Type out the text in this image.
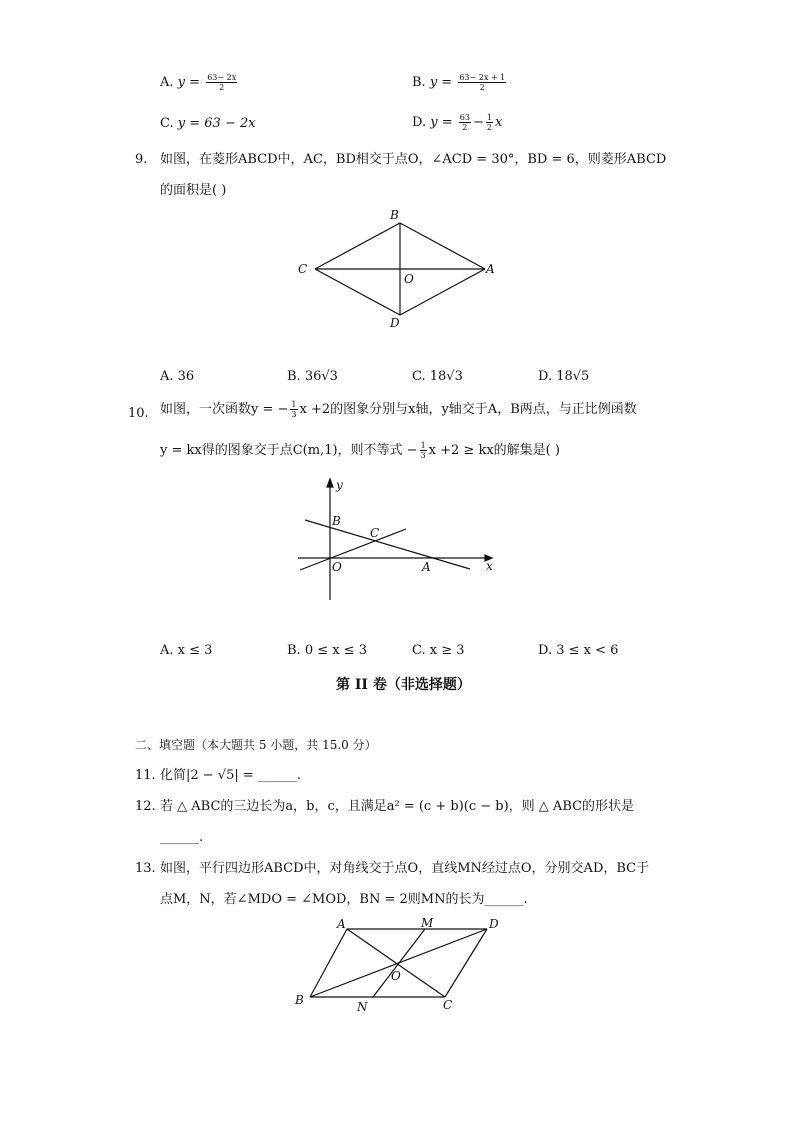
A. $y = \frac{63- 2x}{2}$	B. $y = \frac{63- 2x + 1}{2}$
C. y = 63 − 2x	D. $y = \frac{63}{2} - \frac{1}{2}$ x
9. 如图，在菱形ABCD中，AC，BD相交于点O，∠ACD = 30°，BD = 6，则菱形ABCD
的面积是( )
B
C	A
D
O
A. 36	B. 36√3	C. 18√3	D. 18√5
10. 如图，一次函数y = − $\frac{1}{3}$ x +2的图象分别与x轴，y轴交于A，B两点，与正比例函数
y = kx得的图象交于点C(m,1)，则不等式 − $\frac{1}{3}$ x +2 ≥ kx的解集是( )
y
x
B
C
O	A
A. x ≤ 3	B. 0 ≤ x ≤ 3	C. x ≥ 3	D. 3 ≤ x < 6
第 II 卷（非选择题）
二、填空题（本大题共 5 小题，共 15.0 分）
11. 化简|2 − √5| = ______.
12. 若 △ ABC的三边长为a，b，c，且满足a² = (c + b)(c − b)，则 △ ABC的形状是
______.
13. 如图，平行四边形ABCD中，对角线交于点O，直线MN经过点O，分别交AD，BC于
点M，N，若∠MDO = ∠MOD，BN = 2则MN的长为______.
A	M	D
O
B	N	C
